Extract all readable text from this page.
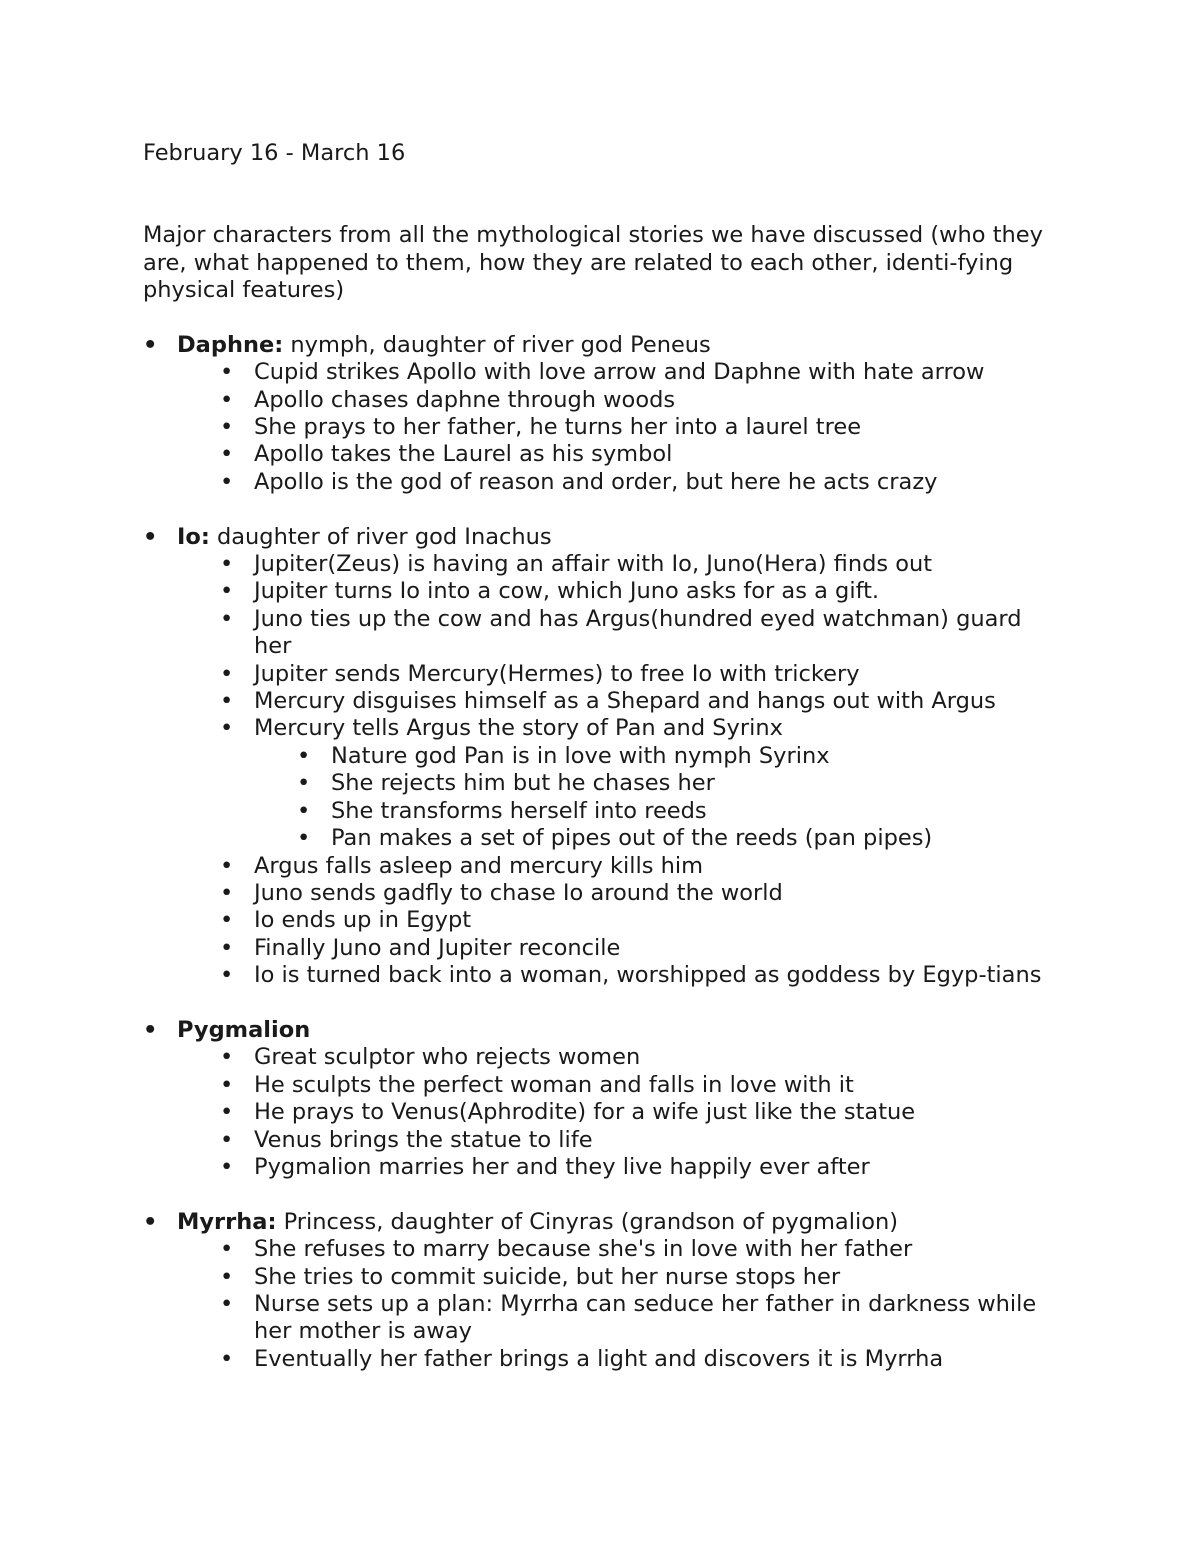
February 16 - March 16

Major characters from all the mythological stories we have discussed (who they are, what happened to them, how they are related to each other, identi-fying physical features)

• Daphne: nymph, daughter of river god Peneus
• Cupid strikes Apollo with love arrow and Daphne with hate arrow
• Apollo chases daphne through woods
• She prays to her father, he turns her into a laurel tree
• Apollo takes the Laurel as his symbol
• Apollo is the god of reason and order, but here he acts crazy
• Io: daughter of river god Inachus
• Jupiter(Zeus) is having an affair with Io, Juno(Hera) finds out
• Jupiter turns Io into a cow, which Juno asks for as a gift.
• Juno ties up the cow and has Argus(hundred eyed watchman) guard her
• Jupiter sends Mercury(Hermes) to free Io with trickery
• Mercury disguises himself as a Shepard and hangs out with Argus
• Mercury tells Argus the story of Pan and Syrinx
• Nature god Pan is in love with nymph Syrinx
• She rejects him but he chases her
• She transforms herself into reeds
• Pan makes a set of pipes out of the reeds (pan pipes)
• Argus falls asleep and mercury kills him
• Juno sends gadfly to chase Io around the world
• Io ends up in Egypt
• Finally Juno and Jupiter reconcile
• Io is turned back into a woman, worshipped as goddess by Egyp-tians
• Pygmalion
• Great sculptor who rejects women
• He sculpts the perfect woman and falls in love with it
• He prays to Venus(Aphrodite) for a wife just like the statue
• Venus brings the statue to life
• Pygmalion marries her and they live happily ever after
• Myrrha: Princess, daughter of Cinyras (grandson of pygmalion)
• She refuses to marry because she's in love with her father
• She tries to commit suicide, but her nurse stops her
• Nurse sets up a plan: Myrrha can seduce her father in darkness while her mother is away
• Eventually her father brings a light and discovers it is Myrrha
